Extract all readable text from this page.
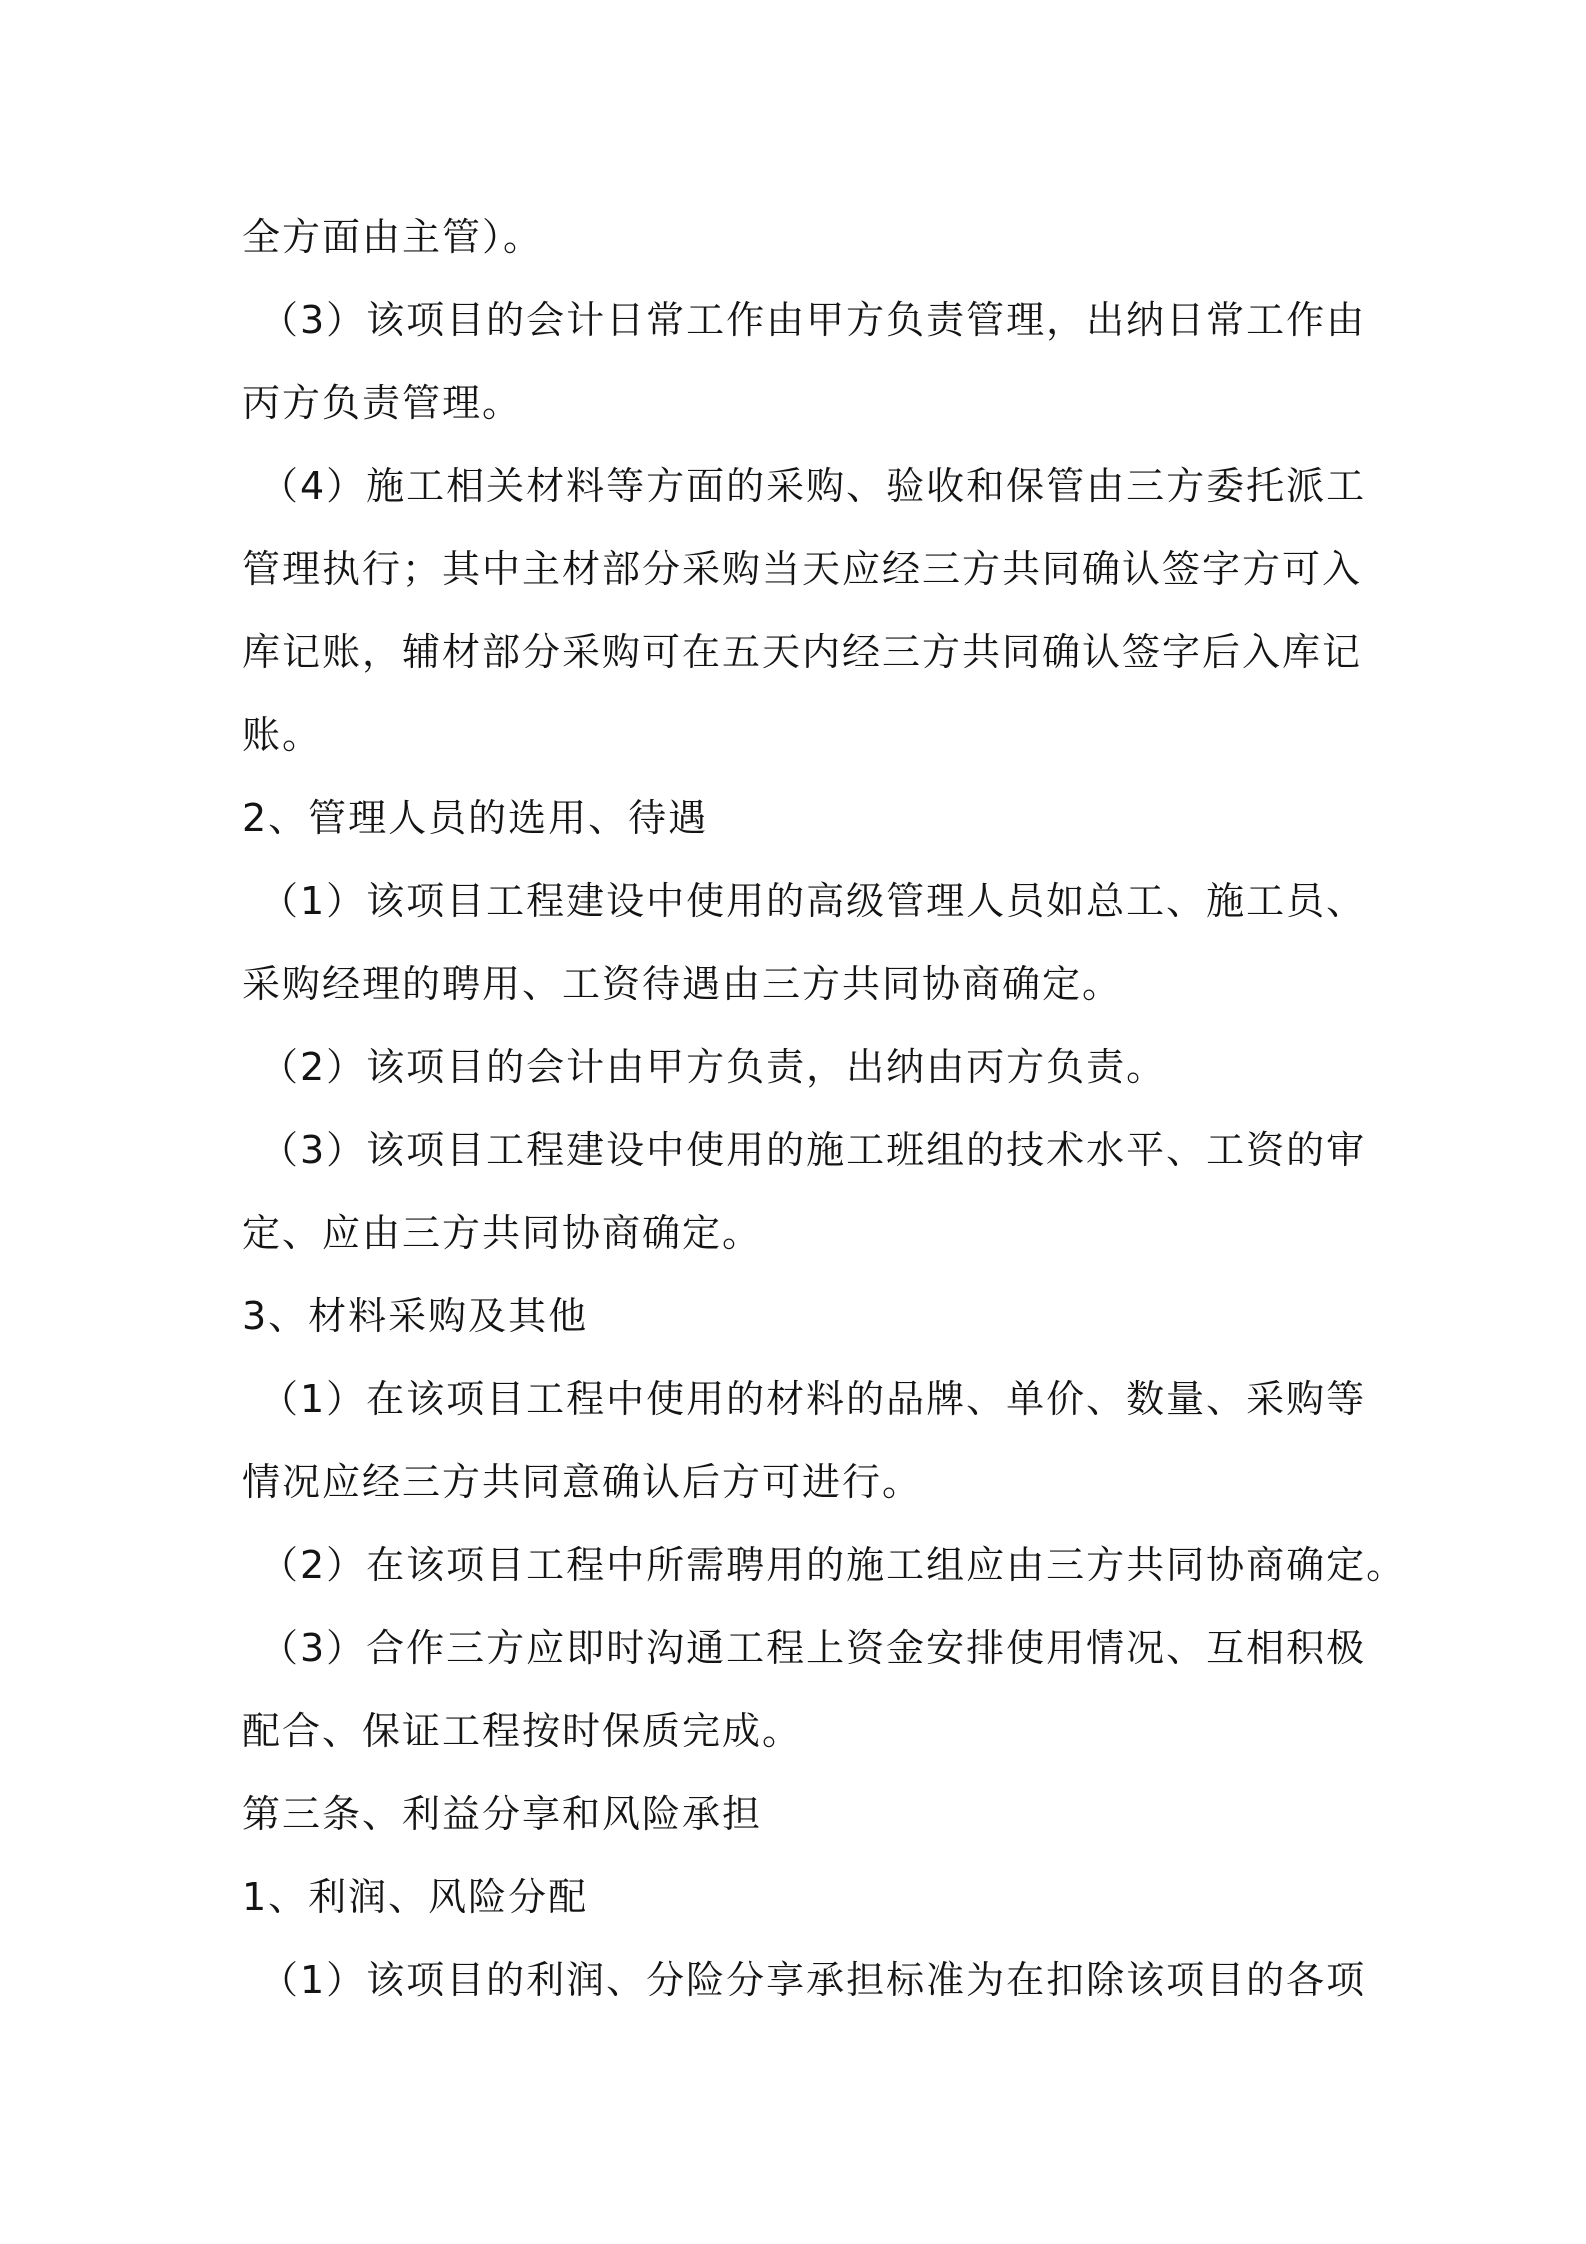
全方面由主管）。
（3）该项目的会计日常工作由甲方负责管理，出纳日常工作由
丙方负责管理。
（4）施工相关材料等方面的采购、验收和保管由三方委托派工
管理执行；其中主材部分采购当天应经三方共同确认签字方可入
库记账，辅材部分采购可在五天内经三方共同确认签字后入库记
账。
2、管理人员的选用、待遇
（1）该项目工程建设中使用的高级管理人员如总工、施工员、
采购经理的聘用、工资待遇由三方共同协商确定。
（2）该项目的会计由甲方负责，出纳由丙方负责。
（3）该项目工程建设中使用的施工班组的技术水平、工资的审
定、应由三方共同协商确定。
3、材料采购及其他
（1）在该项目工程中使用的材料的品牌、单价、数量、采购等
情况应经三方共同意确认后方可进行。
（2）在该项目工程中所需聘用的施工组应由三方共同协商确定。
（3）合作三方应即时沟通工程上资金安排使用情况、互相积极
配合、保证工程按时保质完成。
第三条、利益分享和风险承担
1、利润、风险分配
（1）该项目的利润、分险分享承担标准为在扣除该项目的各项
